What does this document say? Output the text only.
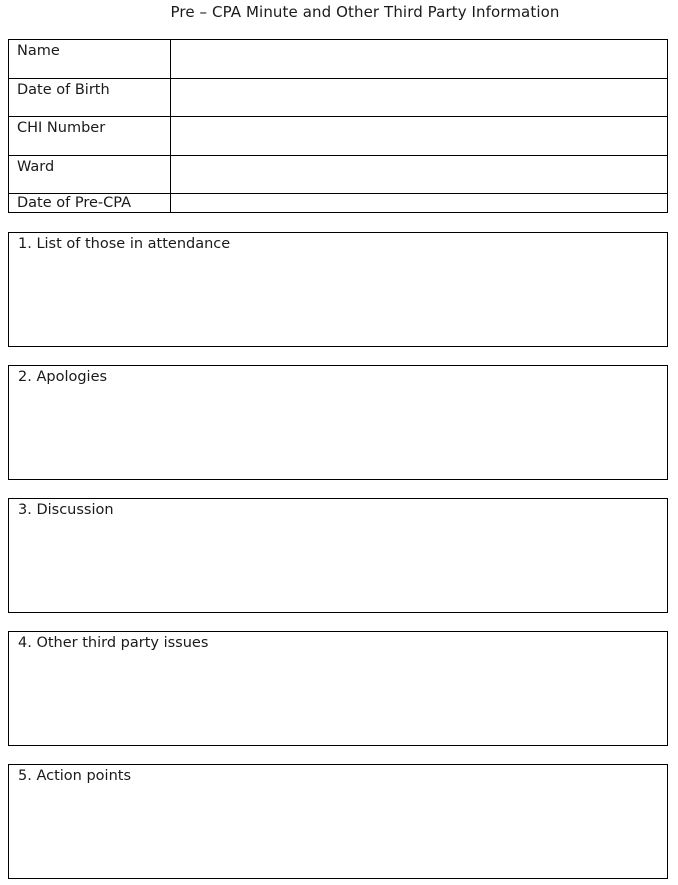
Pre – CPA Minute and Other Third Party Information
Name
Date of Birth
CHI Number
Ward
Date of Pre-CPA
1. List of those in attendance
2. Apologies
3. Discussion
4. Other third party issues
5. Action points
